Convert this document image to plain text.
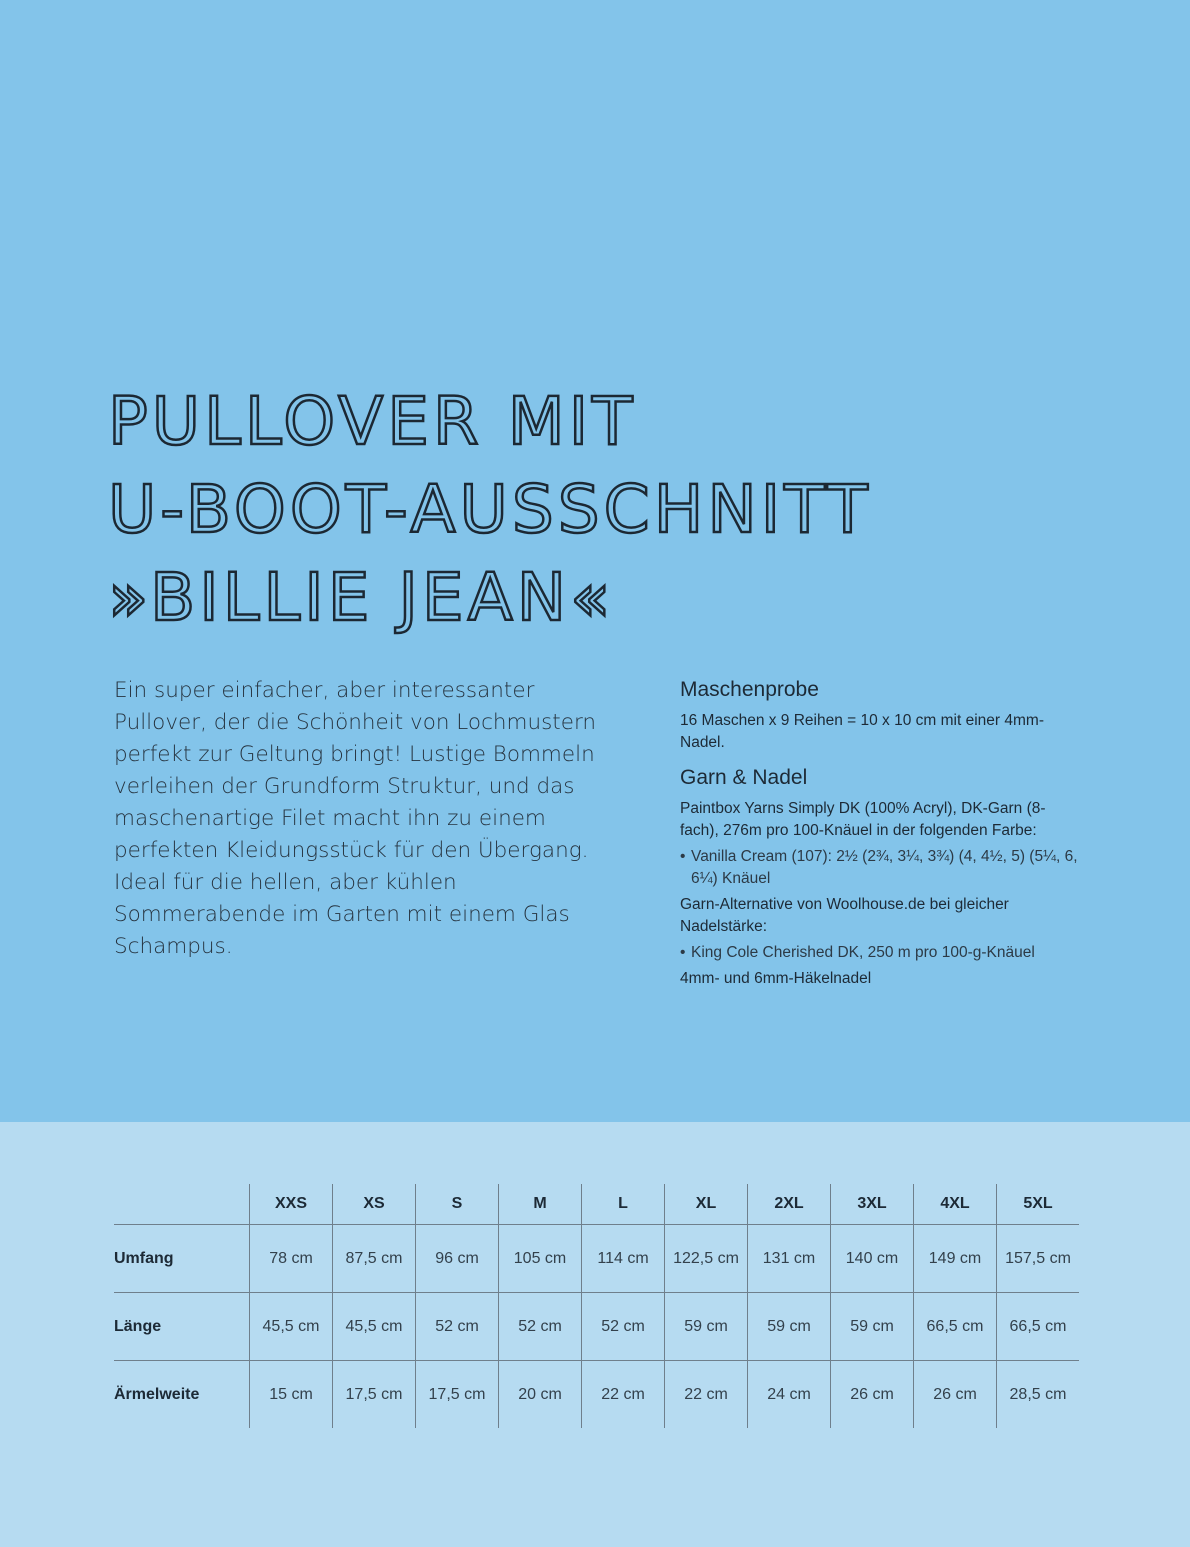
PULLOVER MIT
U-BOOT-AUSSCHNITT
»BILLIE JEAN«

Ein super einfacher, aber interessanter Pullover, der die Schönheit von Lochmustern perfekt zur Geltung bringt! Lustige Bommeln verleihen der Grundform Struktur, und das maschenartige Filet macht ihn zu einem perfekten Kleidungsstück für den Übergang. Ideal für die hellen, aber kühlen Sommerabende im Garten mit einem Glas Schampus.

Maschenprobe

16 Maschen x 9 Reihen = 10 x 10 cm mit einer 4mm-Nadel.

Garn & Nadel

Paintbox Yarns Simply DK (100% Acryl), DK-Garn (8-fach), 276m pro 100-Knäuel in der folgenden Farbe:

• Vanilla Cream (107): 2½ (2¾, 3¼, 3¾) (4, 4½, 5) (5¼, 6, 6¼) Knäuel

Garn-Alternative von Woolhouse.de bei gleicher Nadelstärke:

• King Cole Cherished DK, 250 m pro 100-g-Knäuel

4mm- und 6mm-Häkelnadel

	XXS	XS	S	M	L	XL	2XL	3XL	4XL	5XL
Umfang	78 cm	87,5 cm	96 cm	105 cm	114 cm	122,5 cm	131 cm	140 cm	149 cm	157,5 cm
Länge	45,5 cm	45,5 cm	52 cm	52 cm	52 cm	59 cm	59 cm	59 cm	66,5 cm	66,5 cm
Ärmelweite	15 cm	17,5 cm	17,5 cm	20 cm	22 cm	22 cm	24 cm	26 cm	26 cm	28,5 cm
